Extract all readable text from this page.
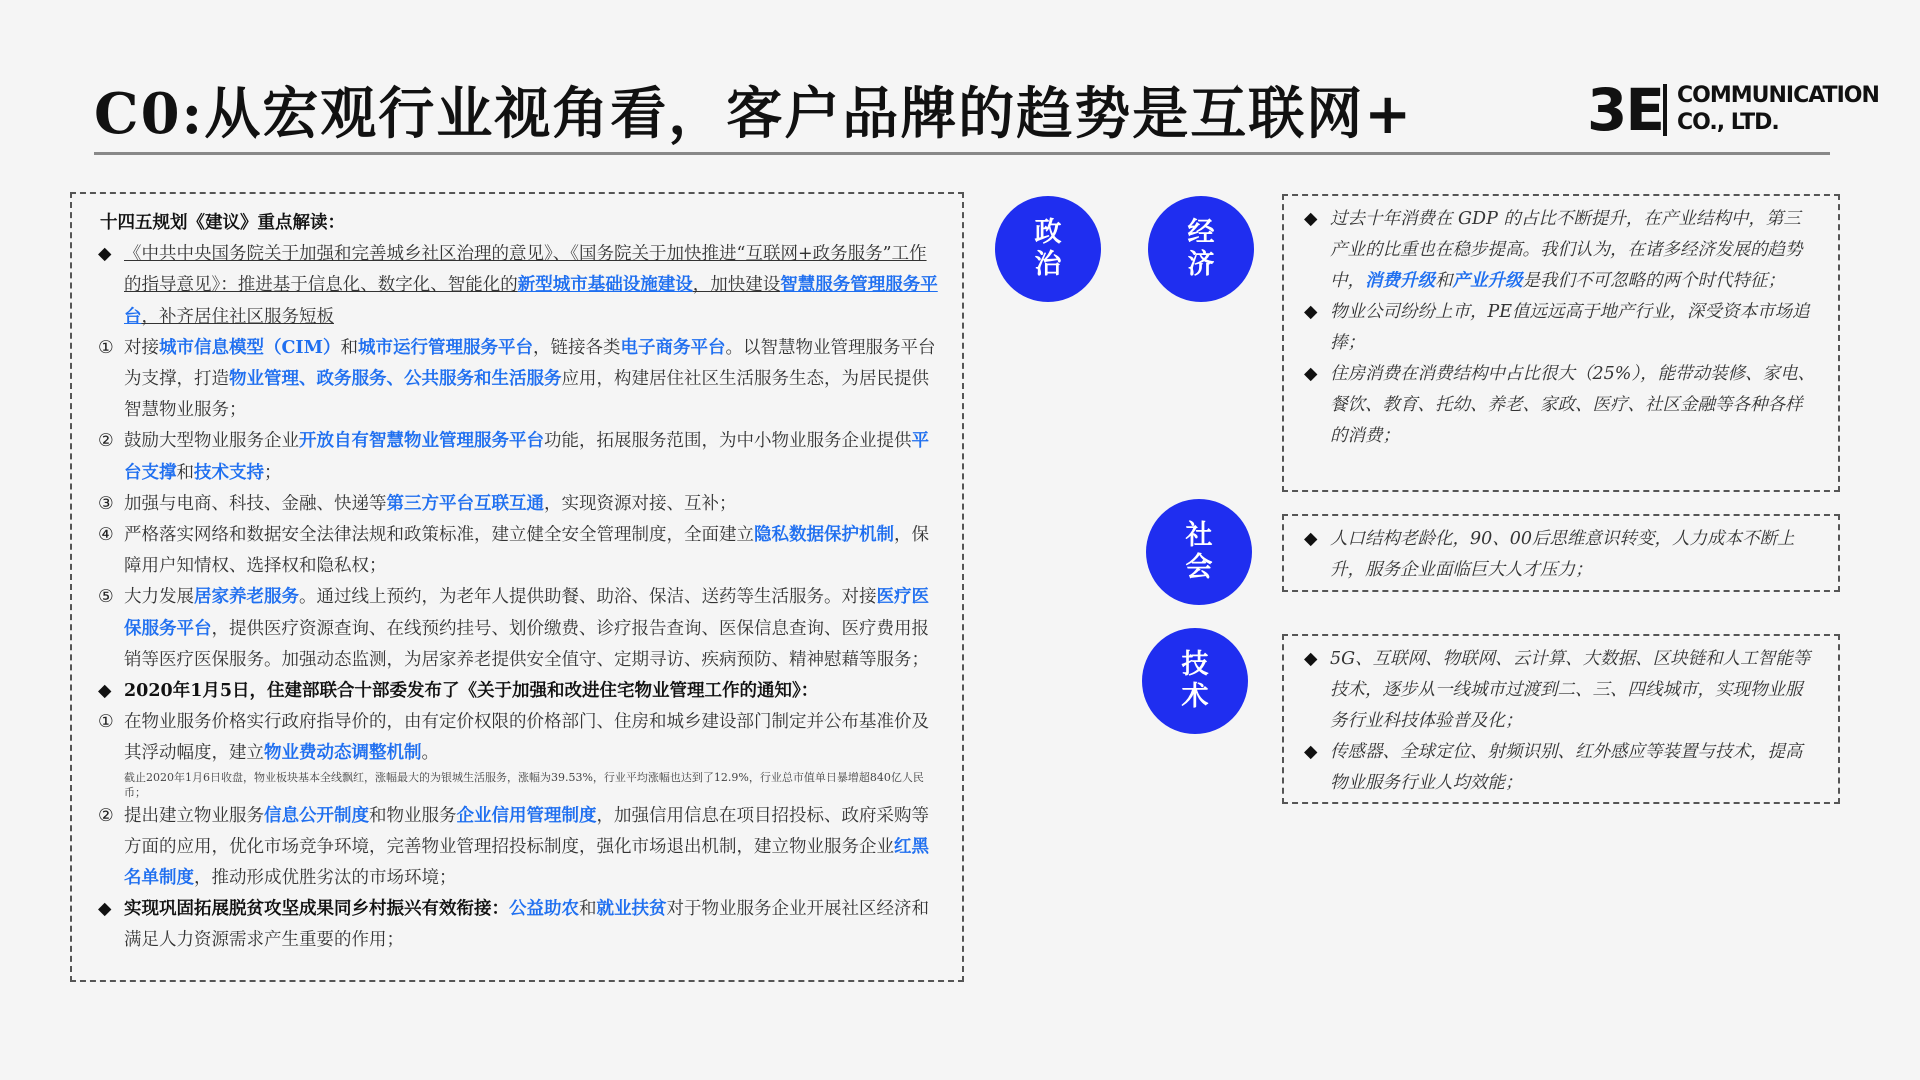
C0:从宏观行业视角看，客户品牌的趋势是互联网+	3E COMMUNICATION
CO., LTD.

十四五规划《建议》重点解读：

◆ 《中共中央国务院关于加强和完善城乡社区治理的意见》、《国务院关于加快推进“互联网+政务服务”工作的指导意见》：推进基于信息化、数字化、智能化的新型城市基础设施建设，加快建设智慧服务管理服务平台，补齐居住社区服务短板

① 对接城市信息模型（CIM）和城市运行管理服务平台，链接各类电子商务平台。以智慧物业管理服务平台为支撑，打造物业管理、政务服务、公共服务和生活服务应用，构建居住社区生活服务生态，为居民提供智慧物业服务；

② 鼓励大型物业服务企业开放自有智慧物业管理服务平台功能，拓展服务范围，为中小物业服务企业提供平台支撑和技术支持；

③ 加强与电商、科技、金融、快递等第三方平台互联互通，实现资源对接、互补；

④ 严格落实网络和数据安全法律法规和政策标准，建立健全安全管理制度，全面建立隐私数据保护机制，保障用户知情权、选择权和隐私权；

⑤ 大力发展居家养老服务。通过线上预约，为老年人提供助餐、助浴、保洁、送药等生活服务。对接医疗医保服务平台，提供医疗资源查询、在线预约挂号、划价缴费、诊疗报告查询、医保信息查询、医疗费用报销等医疗医保服务。加强动态监测，为居家养老提供安全值守、定期寻访、疾病预防、精神慰藉等服务；

◆ 2020年1月5日，住建部联合十部委发布了《关于加强和改进住宅物业管理工作的通知》：

① 在物业服务价格实行政府指导价的，由有定价权限的价格部门、住房和城乡建设部门制定并公布基准价及其浮动幅度，建立物业费动态调整机制。

截止2020年1月6日收盘，物业板块基本全线飘红，涨幅最大的为银城生活服务，涨幅为39.53%，行业平均涨幅也达到了12.9%，行业总市值单日暴增超840亿人民币；

② 提出建立物业服务信息公开制度和物业服务企业信用管理制度，加强信用信息在项目招投标、政府采购等方面的应用，优化市场竞争环境，完善物业管理招投标制度，强化市场退出机制，建立物业服务企业红黑名单制度，推动形成优胜劣汰的市场环境；

◆ 实现巩固拓展脱贫攻坚成果同乡村振兴有效衔接：公益助农和就业扶贫对于物业服务企业开展社区经济和满足人力资源需求产生重要的作用；

政
治
经
济
社
会
技
术

◆ 过去十年消费在 GDP 的占比不断提升，在产业结构中，第三产业的比重也在稳步提高。我们认为，在诸多经济发展的趋势中，消费升级和产业升级是我们不可忽略的两个时代特征；

◆ 物业公司纷纷上市，PE值远远高于地产行业，深受资本市场追捧；

◆ 住房消费在消费结构中占比很大（25%），能带动装修、家电、餐饮、教育、托幼、养老、家政、医疗、社区金融等各种各样的消费；

◆ 人口结构老龄化，90、00后思维意识转变，人力成本不断上升，服务企业面临巨大人才压力；

◆ 5G、互联网、物联网、云计算、大数据、区块链和人工智能等技术，逐步从一线城市过渡到二、三、四线城市，实现物业服务行业科技体验普及化；

◆ 传感器、全球定位、射频识别、红外感应等装置与技术，提高物业服务行业人均效能；
